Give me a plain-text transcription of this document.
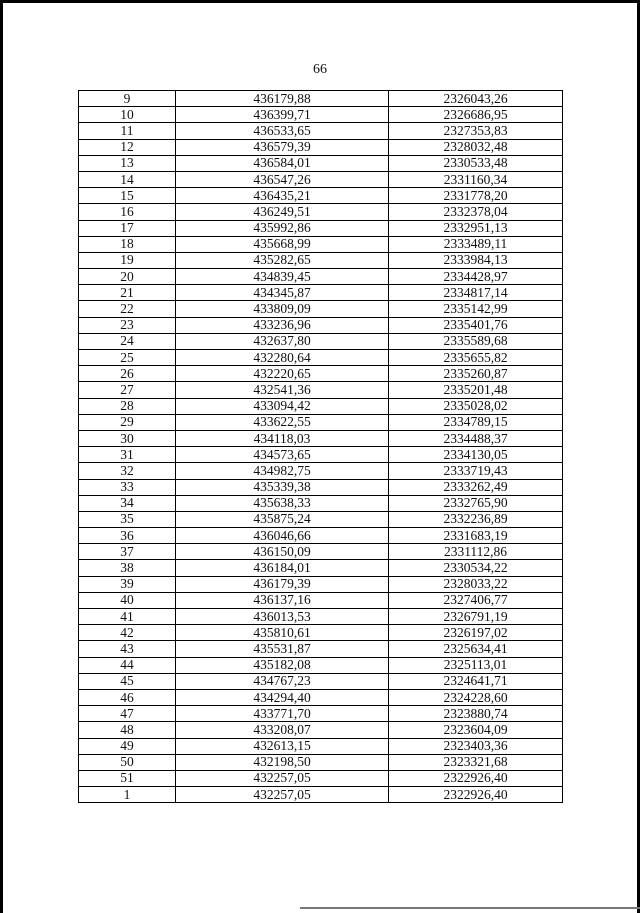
66
9	436179,88	2326043,26
10	436399,71	2326686,95
11	436533,65	2327353,83
12	436579,39	2328032,48
13	436584,01	2330533,48
14	436547,26	2331160,34
15	436435,21	2331778,20
16	436249,51	2332378,04
17	435992,86	2332951,13
18	435668,99	2333489,11
19	435282,65	2333984,13
20	434839,45	2334428,97
21	434345,87	2334817,14
22	433809,09	2335142,99
23	433236,96	2335401,76
24	432637,80	2335589,68
25	432280,64	2335655,82
26	432220,65	2335260,87
27	432541,36	2335201,48
28	433094,42	2335028,02
29	433622,55	2334789,15
30	434118,03	2334488,37
31	434573,65	2334130,05
32	434982,75	2333719,43
33	435339,38	2333262,49
34	435638,33	2332765,90
35	435875,24	2332236,89
36	436046,66	2331683,19
37	436150,09	2331112,86
38	436184,01	2330534,22
39	436179,39	2328033,22
40	436137,16	2327406,77
41	436013,53	2326791,19
42	435810,61	2326197,02
43	435531,87	2325634,41
44	435182,08	2325113,01
45	434767,23	2324641,71
46	434294,40	2324228,60
47	433771,70	2323880,74
48	433208,07	2323604,09
49	432613,15	2323403,36
50	432198,50	2323321,68
51	432257,05	2322926,40
1	432257,05	2322926,40
